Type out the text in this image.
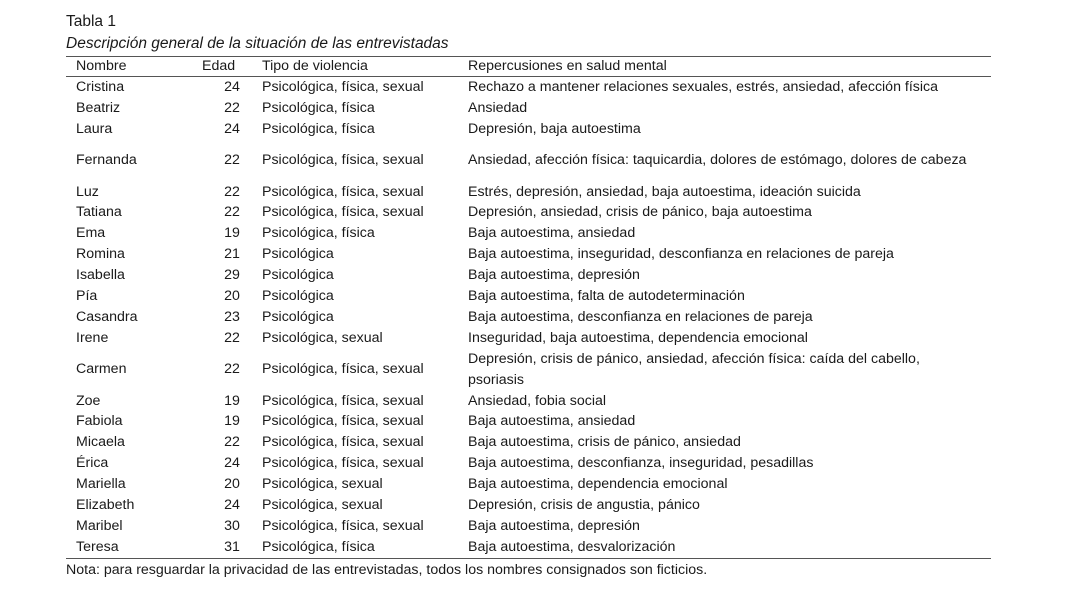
Tabla 1
Descripción general de la situación de las entrevistadas
Nombre	Edad	Tipo de violencia	Repercusiones en salud mental
Cristina	24	Psicológica, física, sexual	Rechazo a mantener relaciones sexuales, estrés, ansiedad, afección física
Beatriz	22	Psicológica, física	Ansiedad
Laura	24	Psicológica, física	Depresión, baja autoestima
Fernanda	22	Psicológica, física, sexual	Ansiedad, afección física: taquicardia, dolores de estómago, dolores de cabeza
Luz	22	Psicológica, física, sexual	Estrés, depresión, ansiedad, baja autoestima, ideación suicida
Tatiana	22	Psicológica, física, sexual	Depresión, ansiedad, crisis de pánico, baja autoestima
Ema	19	Psicológica, física	Baja autoestima, ansiedad
Romina	21	Psicológica	Baja autoestima, inseguridad, desconfianza en relaciones de pareja
Isabella	29	Psicológica	Baja autoestima, depresión
Pía	20	Psicológica	Baja autoestima, falta de autodeterminación
Casandra	23	Psicológica	Baja autoestima, desconfianza en relaciones de pareja
Irene	22	Psicológica, sexual	Inseguridad, baja autoestima, dependencia emocional
Carmen	22	Psicológica, física, sexual	Depresión, crisis de pánico, ansiedad, afección física: caída del cabello, psoriasis
Zoe	19	Psicológica, física, sexual	Ansiedad, fobia social
Fabiola	19	Psicológica, física, sexual	Baja autoestima, ansiedad
Micaela	22	Psicológica, física, sexual	Baja autoestima, crisis de pánico, ansiedad
Érica	24	Psicológica, física, sexual	Baja autoestima, desconfianza, inseguridad, pesadillas
Mariella	20	Psicológica, sexual	Baja autoestima, dependencia emocional
Elizabeth	24	Psicológica, sexual	Depresión, crisis de angustia, pánico
Maribel	30	Psicológica, física, sexual	Baja autoestima, depresión
Teresa	31	Psicológica, física	Baja autoestima, desvalorización
Nota: para resguardar la privacidad de las entrevistadas, todos los nombres consignados son ficticios.
